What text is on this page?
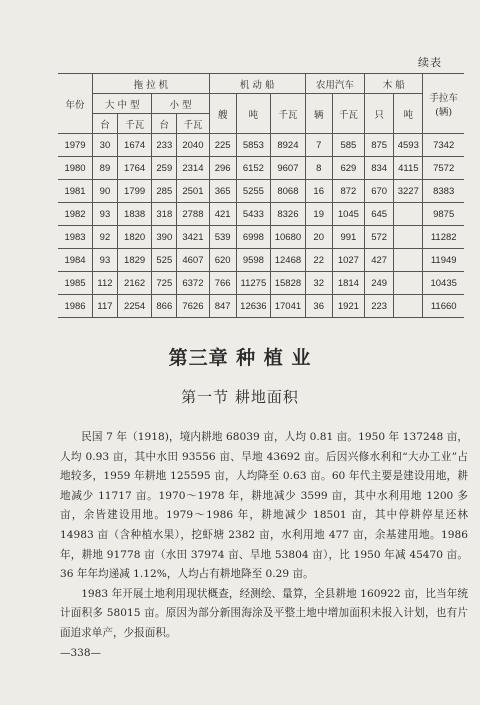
续表
年份	拖 拉 机				机 动 船			农用汽车		木 船		手拉车(辆)
	大 中 型		小 型		艘	吨	千瓦	辆	千瓦	只	吨	
	台	千瓦	台	千瓦								
1979	30	1674	233	2040	225	5853	8924	7	585	875	4593	7342
1980	89	1764	259	2314	296	6152	9607	8	629	834	4115	7572
1981	90	1799	285	2501	365	5255	8068	16	872	670	3227	8383
1982	93	1838	318	2788	421	5433	8326	19	1045	645		9875
1983	92	1820	390	3421	539	6998	10680	20	991	572		11282
1984	93	1829	525	4607	620	9598	12468	22	1027	427		11949
1985	112	2162	725	6372	766	11275	15828	32	1814	249		10435
1986	117	2254	866	7626	847	12636	17041	36	1921	223		11660
第三章 种 植 业
第一节 耕地面积

民国 7 年（1918)，境内耕地 68039 亩，人均 0.81 亩。1950 年 137248 亩，人均 0.93 亩，其中水田 93556 亩、旱地 43692 亩。后因兴修水利和“大办工业”占地较多，1959 年耕地 125595 亩，人均降至 0.63 亩。60 年代主要是建设用地，耕地减少 11717 亩。1970～1978 年，耕地减少 3599 亩，其中水利用地 1200 多亩，余皆建设用地。1979～1986 年，耕地减少 18501 亩，其中停耕停星还林 14983 亩（含种植水果），挖虾塘 2382 亩，水利用地 477 亩，余基建用地。1986 年，耕地 91778 亩（水田 37974 亩、旱地 53804 亩），比 1950 年减 45470 亩。36 年年均递减 1.12%，人均占有耕地降至 0.29 亩。

1983 年开展土地利用现状概查，经测绘、量算，全县耕地 160922 亩，比当年统计面积多 58015 亩。原因为部分新围海涂及平整土地中增加面积未报入计划，也有片面追求单产，少报面积。

—338—
